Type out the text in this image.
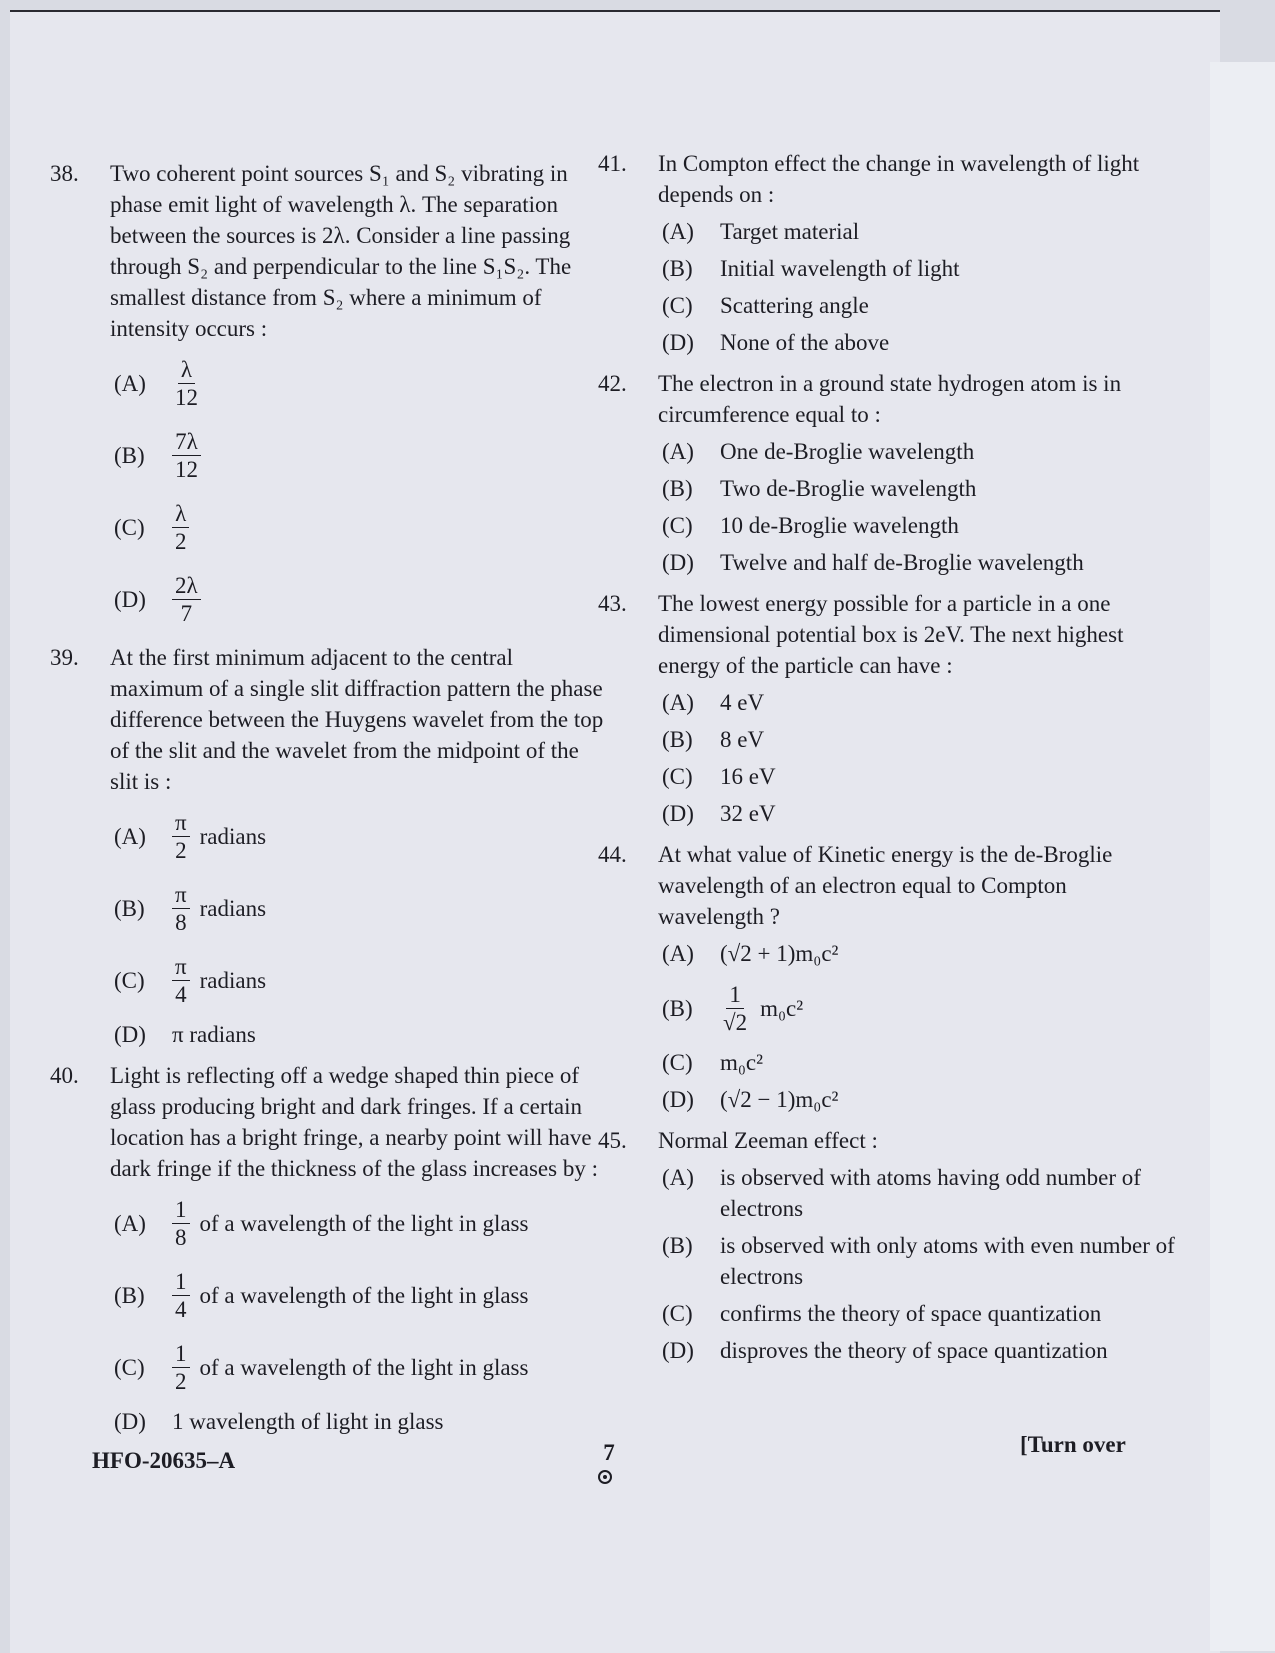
38.	Two coherent point sources S₁ and S₂ vibrating in phase emit light of wavelength λ. The separation between the sources is 2λ. Consider a line passing through S₂ and perpendicular to the line S₁S₂. The smallest distance from S₂ where a minimum of intensity occurs :
(A)	$\frac{\lambda}{12}$
(B)	$\frac{7\lambda}{12}$
(C)	$\frac{\lambda}{2}$
(D)	$\frac{2\lambda}{7}$
39.	At the first minimum adjacent to the central maximum of a single slit diffraction pattern the phase difference between the Huygens wavelet from the top of the slit and the wavelet from the midpoint of the slit is :
(A)	$\frac{\pi}{2}$ radians
(B)	$\frac{\pi}{8}$ radians
(C)	$\frac{\pi}{4}$ radians
(D)	π radians
40.	Light is reflecting off a wedge shaped thin piece of glass producing bright and dark fringes. If a certain location has a bright fringe, a nearby point will have dark fringe if the thickness of the glass increases by :
(A)	$\frac{1}{8}$ of a wavelength of the light in glass
(B)	$\frac{1}{4}$ of a wavelength of the light in glass
(C)	$\frac{1}{2}$ of a wavelength of the light in glass
(D)	1 wavelength of light in glass
41.	In Compton effect the change in wavelength of light depends on :
(A)	Target material
(B)	Initial wavelength of light
(C)	Scattering angle
(D)	None of the above
42.	The electron in a ground state hydrogen atom is in circumference equal to :
(A)	One de-Broglie wavelength
(B)	Two de-Broglie wavelength
(C)	10 de-Broglie wavelength
(D)	Twelve and half de-Broglie wavelength
43.	The lowest energy possible for a particle in a one dimensional potential box is 2eV. The next highest energy of the particle can have :
(A)	4 eV
(B)	8 eV
(C)	16 eV
(D)	32 eV
44.	At what value of Kinetic energy is the de-Broglie wavelength of an electron equal to Compton wavelength ?
(A)	(√2 + 1)m₀c²
(B)	$\frac{1}{√2} m_0c^2$
(C)	m₀c²
(D)	(√2 − 1)m₀c²
45.	Normal Zeeman effect :
(A)	is observed with atoms having odd number of electrons
(B)	is observed with only atoms with even number of electrons
(C)	confirms the theory of space quantization
(D)	disproves the theory of space quantization
HFO-20635–A	7	[Turn over
